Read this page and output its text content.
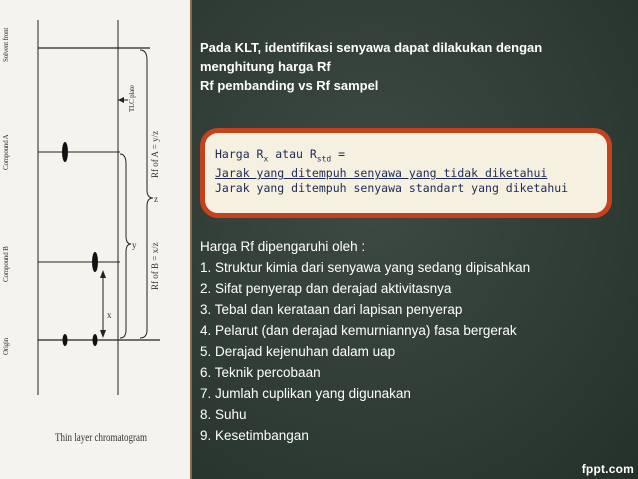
Solvent front
Compound A
Compound B
Origin
TLC plate
x
y
z
Rf of A = y/z
Rf of B = x/z
Thin layer chromatogram
Pada KLT, identifikasi senyawa dapat dilakukan dengan
menghitung harga Rf
Rf pembanding vs Rf sampel
Harga $R_x$ atau $R_{std}$ =
Jarak yang ditempuh senyawa yang tidak diketahui
Jarak yang ditempuh senyawa standart yang diketahui
Harga Rf dipengaruhi oleh :
1. Struktur kimia dari senyawa yang sedang dipisahkan
2. Sifat penyerap dan derajad aktivitasnya
3. Tebal dan kerataan dari lapisan penyerap
4. Pelarut (dan derajad kemurniannya) fasa bergerak
5. Derajad kejenuhan dalam uap
6. Teknik percobaan
7. Jumlah cuplikan yang digunakan
8. Suhu
9. Kesetimbangan
fppt.com
